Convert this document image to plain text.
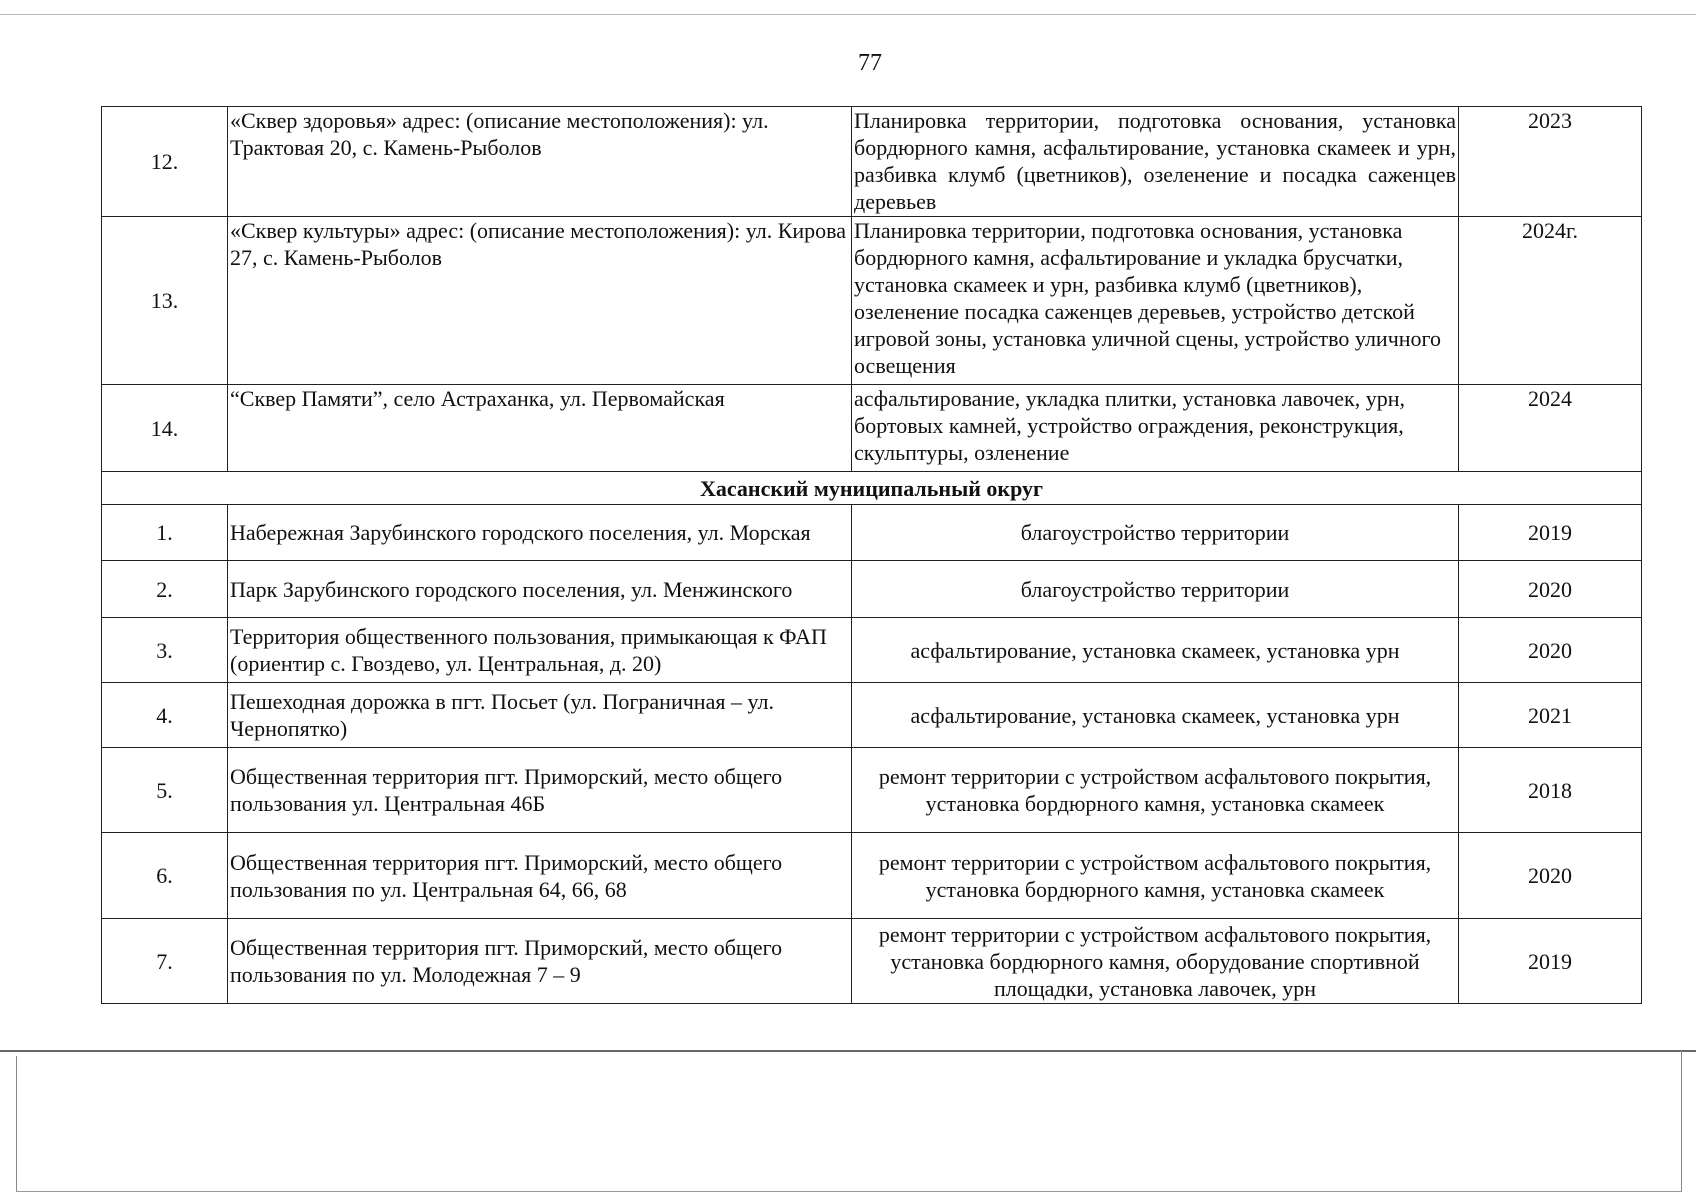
77
12.	«Сквер здоровья» адрес: (описание местоположения): ул. Трактовая 20, с. Камень-Рыболов	Планировка территории, подготовка основания, установка бордюрного камня, асфальтирование, установка скамеек и урн, разбивка клумб (цветников), озеленение и посадка саженцев деревьев	2023
13.	«Сквер культуры» адрес: (описание местоположения): ул. Кирова 27, с. Камень-Рыболов	Планировка территории, подготовка основания, установка бордюрного камня, асфальтирование и укладка брусчатки, установка скамеек и урн, разбивка клумб (цветников), озеленение посадка саженцев деревьев, устройство детской игровой зоны, установка уличной сцены, устройство уличного освещения	2024г.
14.	“Сквер Памяти”, село Астраханка, ул. Первомайская	асфальтирование, укладка плитки, установка лавочек, урн, бортовых камней, устройство ограждения, реконструкция, скульптуры, озленение	2024
Хасанский муниципальный округ			
1.	Набережная Зарубинского городского поселения, ул. Морская	благоустройство территории	2019
2.	Парк Зарубинского городского поселения, ул. Менжинского	благоустройство территории	2020
3.	Территория общественного пользования, примыкающая к ФАП (ориентир с. Гвоздево, ул. Центральная, д. 20)	асфальтирование, установка скамеек, установка урн	2020
4.	Пешеходная дорожка в пгт. Посьет (ул. Пограничная – ул. Чернопятко)	асфальтирование, установка скамеек, установка урн	2021
5.	Общественная территория пгт. Приморский, место общего пользования ул. Центральная 46Б	ремонт территории с устройством асфальтового покрытия, установка бордюрного камня, установка скамеек	2018
6.	Общественная территория пгт. Приморский, место общего пользования по ул. Центральная 64, 66, 68	ремонт территории с устройством асфальтового покрытия, установка бордюрного камня, установка скамеек	2020
7.	Общественная территория пгт. Приморский, место общего пользования по ул. Молодежная 7 – 9	ремонт территории с устройством асфальтового покрытия, установка бордюрного камня, оборудование спортивной площадки, установка лавочек, урн	2019
